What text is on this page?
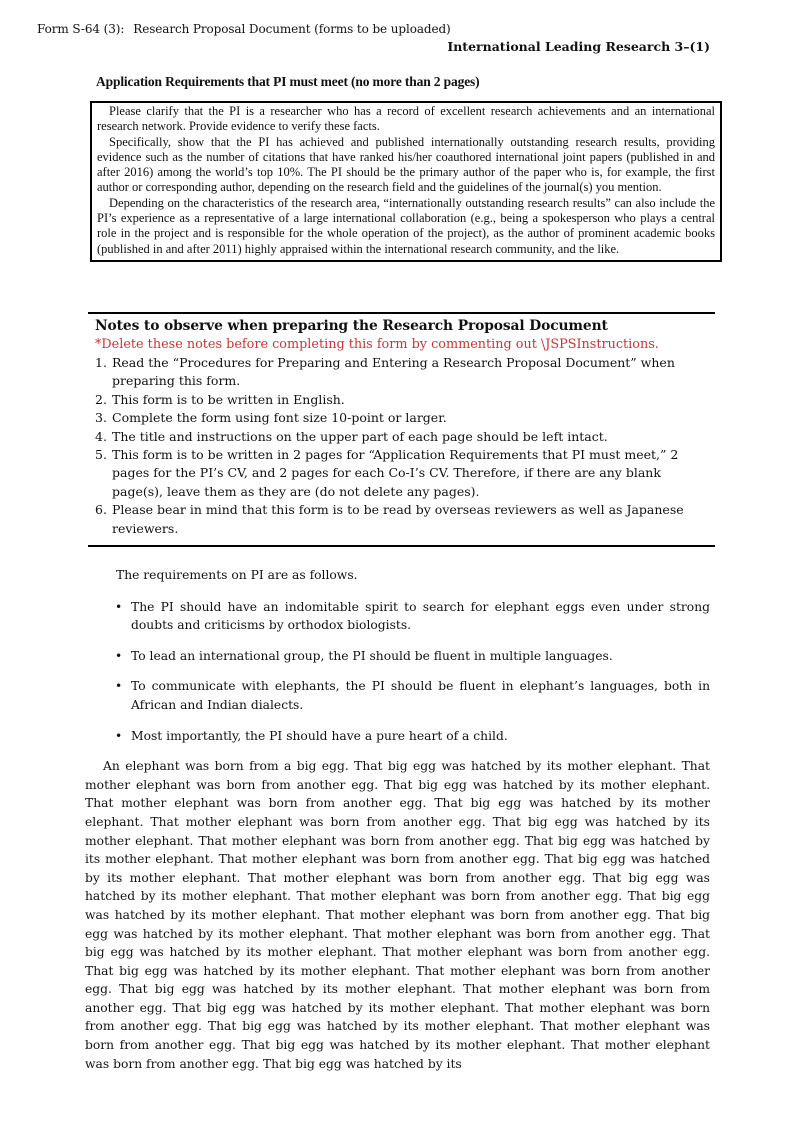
Form S-64 (3): Research Proposal Document (forms to be uploaded)
International Leading Research 3–(1)
Application Requirements that PI must meet (no more than 2 pages)

Please clarify that the PI is a researcher who has a record of excellent research achievements and an international research network. Provide evidence to verify these facts.

Specifically, show that the PI has achieved and published internationally outstanding research results, providing evidence such as the number of citations that have ranked his/her coauthored international joint papers (published in and after 2016) among the world’s top 10%. The PI should be the primary author of the paper who is, for example, the first author or corresponding author, depending on the research field and the guidelines of the journal(s) you mention.

Depending on the characteristics of the research area, “internationally outstanding research results” can also include the PI’s experience as a representative of a large international collaboration (e.g., being a spokesperson who plays a central role in the project and is responsible for the whole operation of the project), as the author of prominent academic books (published in and after 2011) highly appraised within the international research community, and the like.

Notes to observe when preparing the Research Proposal Document
*Delete these notes before completing this form by commenting out \JSPSInstructions.
1. Read the “Procedures for Preparing and Entering a Research Proposal Document” when preparing this form.
2. This form is to be written in English.
3. Complete the form using font size 10-point or larger.
4. The title and instructions on the upper part of each page should be left intact.
5. This form is to be written in 2 pages for “Application Requirements that PI must meet,” 2 pages for the PI’s CV, and 2 pages for each Co-I’s CV. Therefore, if there are any blank page(s), leave them as they are (do not delete any pages).
6. Please bear in mind that this form is to be read by overseas reviewers as well as Japanese reviewers.

The requirements on PI are as follows.

• The PI should have an indomitable spirit to search for elephant eggs even under strong doubts and criticisms by orthodox biologists.
• To lead an international group, the PI should be fluent in multiple languages.
• To communicate with elephants, the PI should be fluent in elephant’s languages, both in African and Indian dialects.
• Most importantly, the PI should have a pure heart of a child.

An elephant was born from a big egg. That big egg was hatched by its mother elephant. That mother elephant was born from another egg. That big egg was hatched by its mother elephant. That mother elephant was born from another egg. That big egg was hatched by its mother elephant. That mother elephant was born from another egg. That big egg was hatched by its mother elephant. That mother elephant was born from another egg. That big egg was hatched by its mother elephant. That mother elephant was born from another egg. That big egg was hatched by its mother elephant. That mother elephant was born from another egg. That big egg was hatched by its mother elephant. That mother elephant was born from another egg. That big egg was hatched by its mother elephant. That mother elephant was born from another egg. That big egg was hatched by its mother elephant. That mother elephant was born from another egg. That big egg was hatched by its mother elephant. That mother elephant was born from another egg. That big egg was hatched by its mother elephant. That mother elephant was born from another egg. That big egg was hatched by its mother elephant. That mother elephant was born from another egg. That big egg was hatched by its mother elephant. That mother elephant was born from another egg. That big egg was hatched by its mother elephant. That mother elephant was born from another egg. That big egg was hatched by its mother elephant. That mother elephant was born from another egg. That big egg was hatched by its
